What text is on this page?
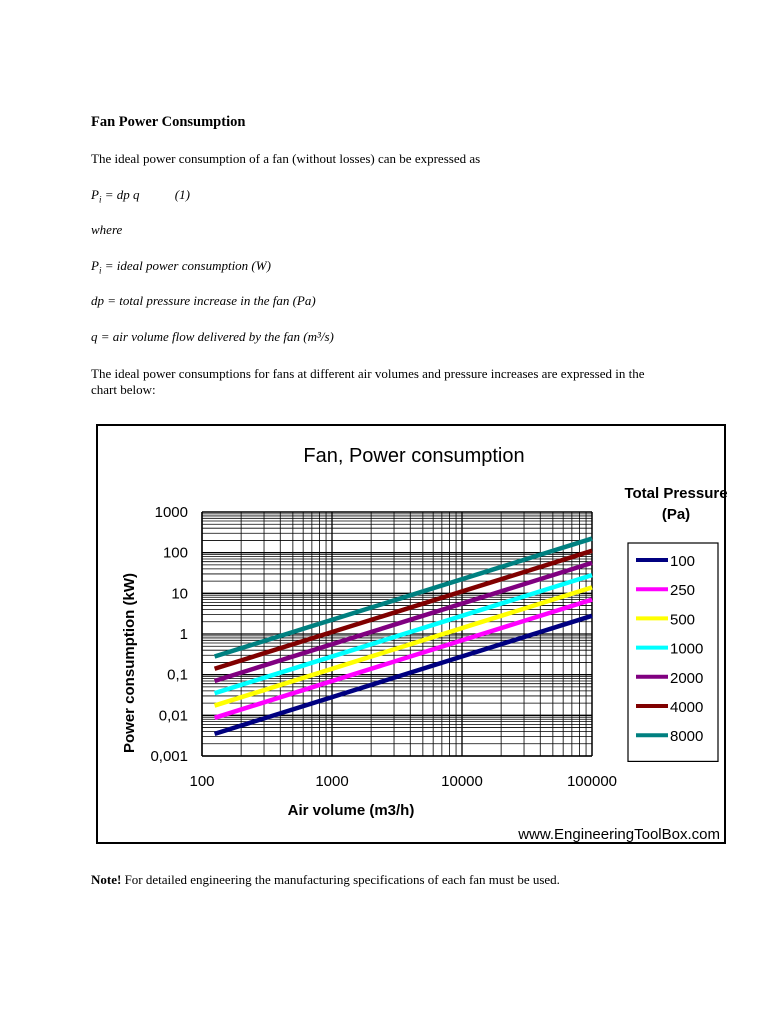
Fan Power Consumption
The ideal power consumption of a fan (without losses) can be expressed as
$P_i$ = dp q	(1)
where
$P_i$ = ideal power consumption (W)
dp = total pressure increase in the fan (Pa)
q = air volume flow delivered by the fan (m³/s)
The ideal power consumptions for fans at different air volumes and pressure increases are expressed in the chart below:
Note! For detailed engineering the manufacturing specifications of each fan must be used.
Fan, Power consumption
0,001
0,01
0,1
1
10
100
1000
100	1000	10000	100000
Air volume (m3/h)
Power consumption (kW)
Total Pressure
(Pa)
100
250
500
1000
2000
4000
8000
www.EngineeringToolBox.com
